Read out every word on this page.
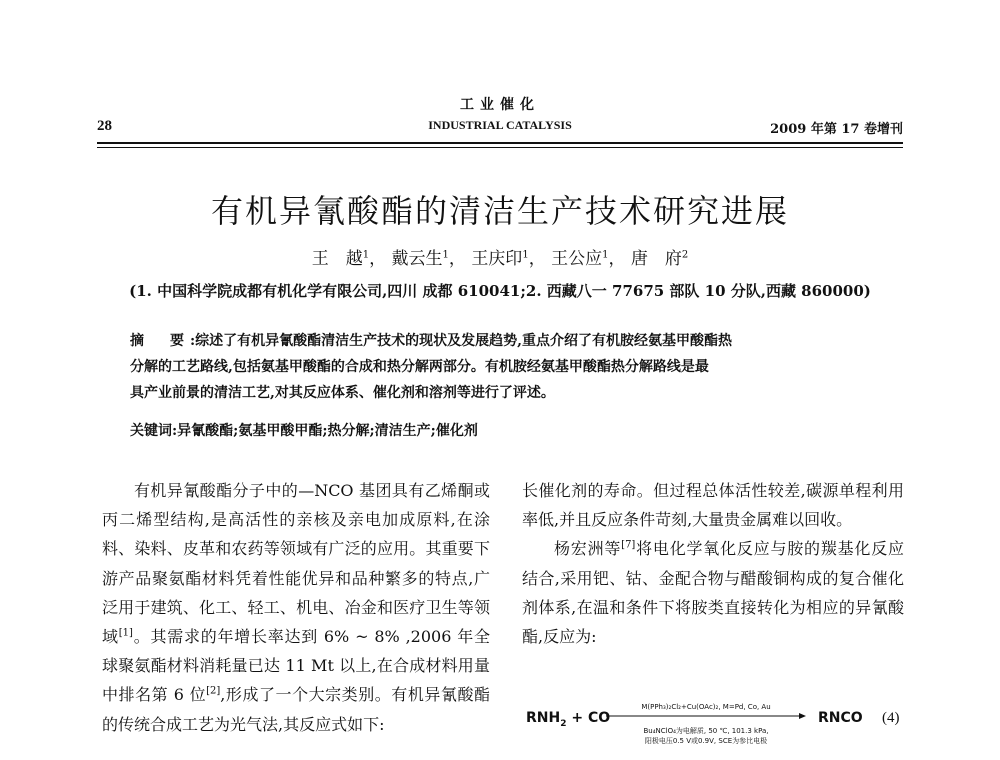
工业催化
28	INDUSTRIAL CATALYSIS	2009 年第 17 卷增刊
有机异氰酸酯的清洁生产技术研究进展
王　越$^1$， 戴云生$^1$， 王庆印$^1$， 王公应$^1$， 唐　府$^2$
(1. 中国科学院成都有机化学有限公司,四川 成都 610041;2. 西藏八一 77675 部队 10 分队,西藏 860000)
摘　要:综述了有机异氰酸酯清洁生产技术的现状及发展趋势,重点介绍了有机胺经氨基甲酸酯热
分解的工艺路线,包括氨基甲酸酯的合成和热分解两部分。有机胺经氨基甲酸酯热分解路线是最
具产业前景的清洁工艺,对其反应体系、催化剂和溶剂等进行了评述。
关键词:异氰酸酯;氨基甲酸甲酯;热分解;清洁生产;催化剂

有机异氰酸酯分子中的—NCO 基团具有乙烯酮或丙二烯型结构,是高活性的亲核及亲电加成原料,在涂料、染料、皮革和农药等领域有广泛的应用。其重要下游产品聚氨酯材料凭着性能优异和品种繁多的特点,广泛用于建筑、化工、轻工、机电、冶金和医疗卫生等领域[1]。其需求的年增长率达到 6% ~ 8% ,2006 年全球聚氨酯材料消耗量已达 11 Mt 以上,在合成材料用量中排名第 6 位[2],形成了一个大宗类别。有机异氰酸酯的传统合成工艺为光气法,其反应式如下:

长催化剂的寿命。但过程总体活性较差,碳源单程利用率低,并且反应条件苛刻,大量贵金属难以回收。

杨宏洲等[7]将电化学氧化反应与胺的羰基化反应结合,采用钯、钴、金配合物与醋酸铜构成的复合催化剂体系,在温和条件下将胺类直接转化为相应的异氰酸酯,反应为:

$RNH_2$ + CO
M(PPh₃)₂Cl₂+Cu(OAc)₂, M=Pd, Co, Au
Bu₄NClO₄为电解质, 50 ℃, 101.3 kPa,
阳极电压0.5 V或0.9V, SCE为参比电极
RNCO (4)
